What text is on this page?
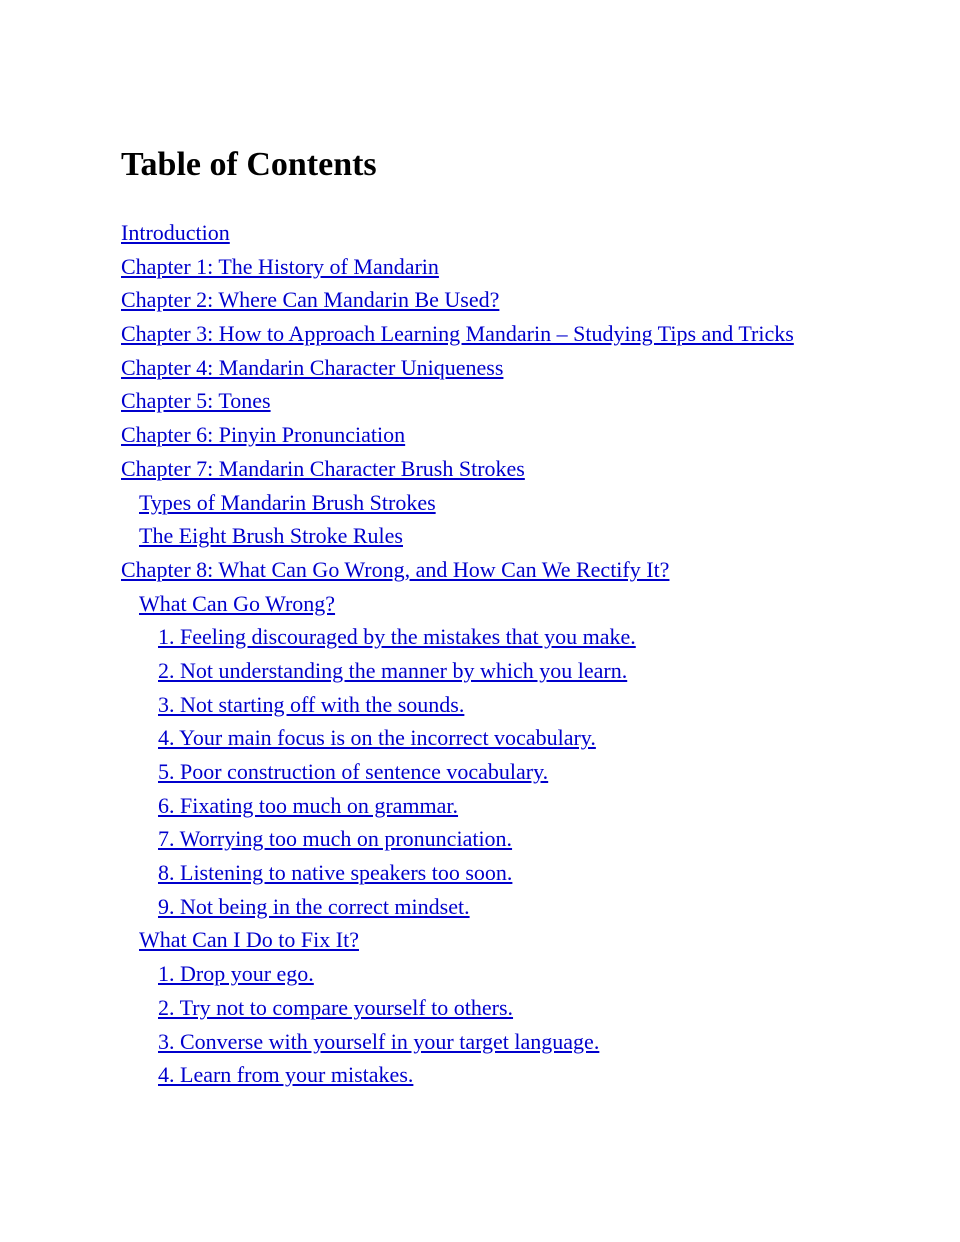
Table of Contents
Introduction
Chapter 1: The History of Mandarin
Chapter 2: Where Can Mandarin Be Used?
Chapter 3: How to Approach Learning Mandarin – Studying Tips and Tricks
Chapter 4: Mandarin Character Uniqueness
Chapter 5: Tones
Chapter 6: Pinyin Pronunciation
Chapter 7: Mandarin Character Brush Strokes
Types of Mandarin Brush Strokes
The Eight Brush Stroke Rules
Chapter 8: What Can Go Wrong, and How Can We Rectify It?
What Can Go Wrong?
1. Feeling discouraged by the mistakes that you make.
2. Not understanding the manner by which you learn.
3. Not starting off with the sounds.
4. Your main focus is on the incorrect vocabulary.
5. Poor construction of sentence vocabulary.
6. Fixating too much on grammar.
7. Worrying too much on pronunciation.
8. Listening to native speakers too soon.
9. Not being in the correct mindset.
What Can I Do to Fix It?
1. Drop your ego.
2. Try not to compare yourself to others.
3. Converse with yourself in your target language.
4. Learn from your mistakes.
